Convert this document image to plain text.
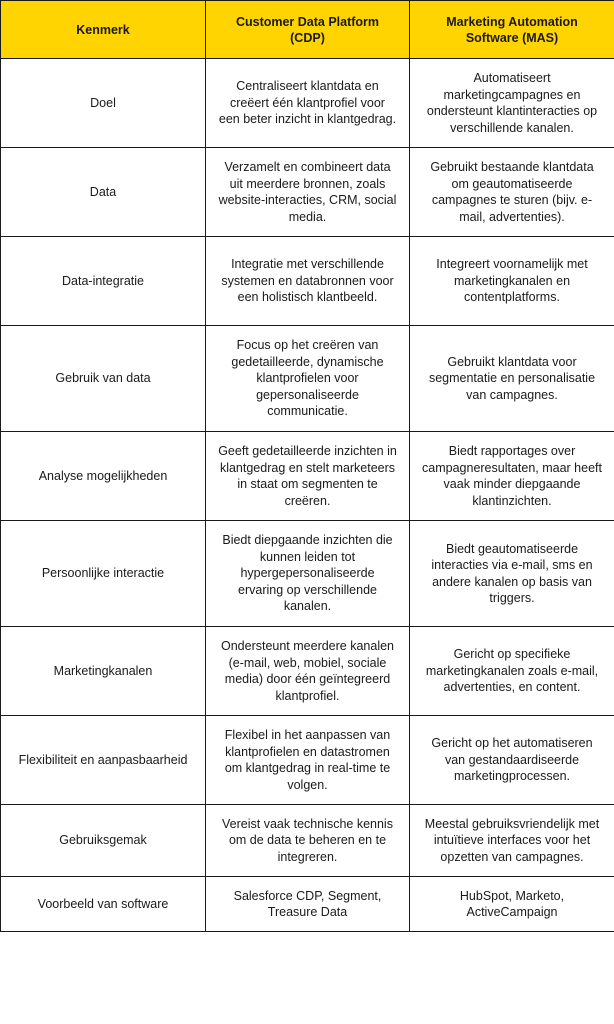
Kenmerk	Customer Data Platform (CDP)	Marketing Automation Software (MAS)
Doel	Centraliseert klantdata en creëert één klantprofiel voor een beter inzicht in klantgedrag.	Automatiseert marketingcampagnes en ondersteunt klantinteracties op verschillende kanalen.
Data	Verzamelt en combineert data uit meerdere bronnen, zoals website-interacties, CRM, social media.	Gebruikt bestaande klantdata om geautomatiseerde campagnes te sturen (bijv. e-mail, advertenties).
Data-integratie	Integratie met verschillende systemen en databronnen voor een holistisch klantbeeld.	Integreert voornamelijk met marketingkanalen en contentplatforms.
Gebruik van data	Focus op het creëren van gedetailleerde, dynamische klantprofielen voor gepersonaliseerde communicatie.	Gebruikt klantdata voor segmentatie en personalisatie van campagnes.
Analyse mogelijkheden	Geeft gedetailleerde inzichten in klantgedrag en stelt marketeers in staat om segmenten te creëren.	Biedt rapportages over campagneresultaten, maar heeft vaak minder diepgaande klantinzichten.
Persoonlijke interactie	Biedt diepgaande inzichten die kunnen leiden tot hypergepersonaliseerde ervaring op verschillende kanalen.	Biedt geautomatiseerde interacties via e-mail, sms en andere kanalen op basis van triggers.
Marketingkanalen	Ondersteunt meerdere kanalen (e-mail, web, mobiel, sociale media) door één geïntegreerd klantprofiel.	Gericht op specifieke marketingkanalen zoals e-mail, advertenties, en content.
Flexibiliteit en aanpasbaarheid	Flexibel in het aanpassen van klantprofielen en datastromen om klantgedrag in real-time te volgen.	Gericht op het automatiseren van gestandaardiseerde marketingprocessen.
Gebruiksgemak	Vereist vaak technische kennis om de data te beheren en te integreren.	Meestal gebruiksvriendelijk met intuïtieve interfaces voor het opzetten van campagnes.
Voorbeeld van software	Salesforce CDP, Segment, Treasure Data	HubSpot, Marketo, ActiveCampaign
